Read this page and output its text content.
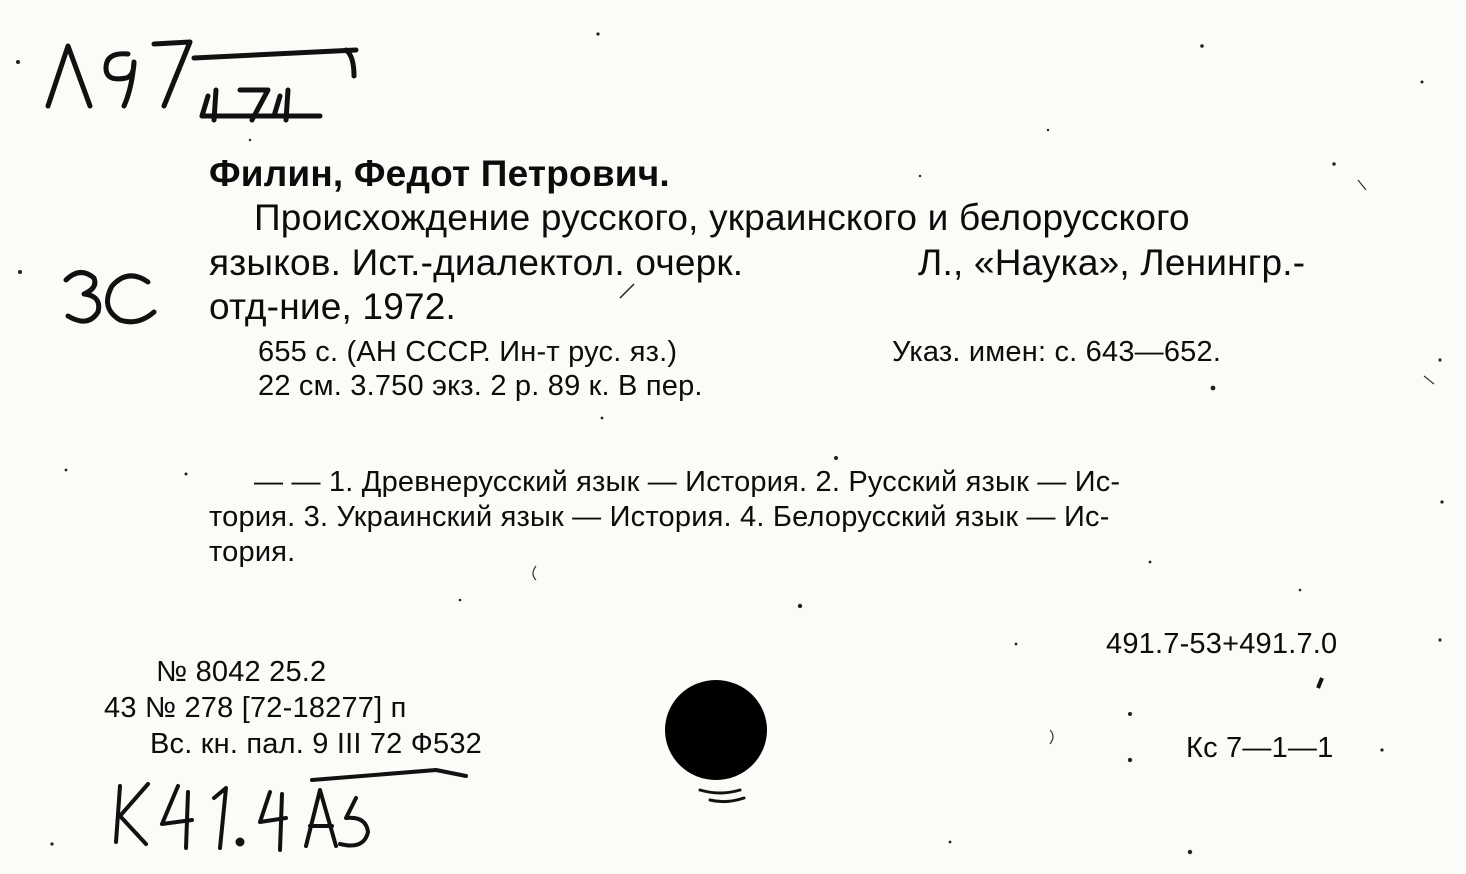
Филин, Федот Петрович.
Происхождение русского, украинского и белорусского
языков. Ист.-диалектол. очерк.	Л., «Наука», Ленингр.-
отд-ние, 1972.
655 с. (АН СССР. Ин-т рус. яз.)	Указ. имен: с. 643—652.
22 см. 3.750 экз. 2 р. 89 к. В пер.
— — 1. Древнерусский язык — История. 2. Русский язык — Ис-
тория. 3. Украинский язык — История. 4. Белорусский язык — Ис-
тория.
491.7-53+491.7.0
Кс 7—1—1
№ 8042 25.2
43 № 278 [72-18277] п
Вс. кн. пал. 9 III 72 Ф532
